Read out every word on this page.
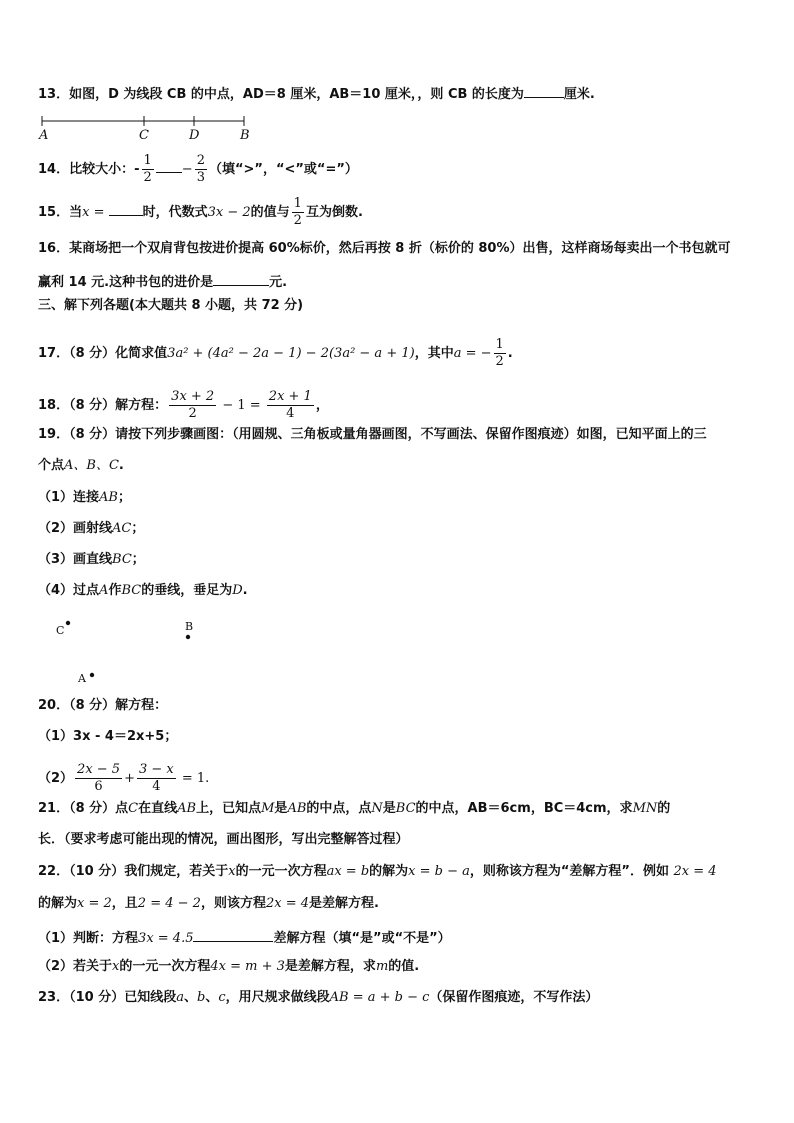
13．如图，D 为线段 CB 的中点，AD＝8 厘米，AB＝10 厘米，，则 CB 的长度为	厘米.
A	C	D	B
14．比较大小：- $\frac{1}{2} - \frac{2}{3}$ （填“>”，“<”或“=”）
15．当x =	时，代数式3x − 2的值与 $\frac{1}{2}$ 互为倒数.
16．某商场把一个双肩背包按进价提高 60%标价，然后再按 8 折（标价的 80%）出售，这样商场每卖出一个书包就可
赢利 14 元.这种书包的进价是	元.
三、解下列各题(本大题共 8 小题，共 72 分)
17．（8 分）化简求值3a² + (4a² − 2a − 1) − 2(3a² − a + 1)，其中a = − $\frac{1}{2}$ .
18．（8 分）解方程： $\frac{3x + 2}{2} - 1 = \frac{2x + 1}{4}$ ，
19．（8 分）请按下列步骤画图：（用圆规、三角板或量角器画图，不写画法、保留作图痕迹）如图，已知平面上的三
个点A、B、C.
（1）连接AB；
（2）画射线AC；
（3）画直线BC；
（4）过点A作BC的垂线，垂足为D.
C	B
A
20．（8 分）解方程：
（1）3x - 4＝2x+5；
$(2) \frac{2x - 5}{6} + \frac{3 - x}{4} = 1$.
21．（8 分）点C在直线AB上，已知点M是AB的中点，点N是BC的中点，AB＝6cm，BC＝4cm，求MN的
长．（要求考虑可能出现的情况，画出图形，写出完整解答过程）
22．（10 分）我们规定，若关于x的一元一次方程ax = b的解为x = b − a，则称该方程为“差解方程”．例如 2x = 4
的解为x = 2，且2 = 4 − 2，则该方程2x = 4是差解方程.
（1）判断：方程3x = 4.5	差解方程（填“是”或“不是”）
（2）若关于x的一元一次方程4x = m + 3是差解方程，求m的值.
23．（10 分）已知线段a、b、c，用尺规求做线段AB = a + b − c（保留作图痕迹，不写作法）
